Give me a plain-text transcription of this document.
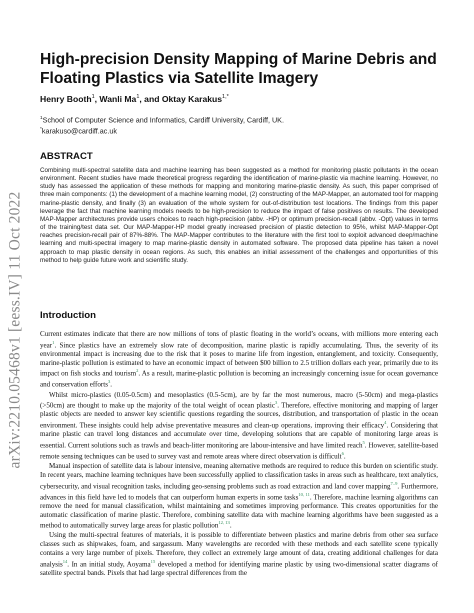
arXiv:2210.05468v1 [eess.IV] 11 Oct 2022
High-precision Density Mapping of Marine Debris and Floating Plastics via Satellite Imagery
Henry Booth$^1$, Wanli Ma$^1$, and Oktay Karakus$^{1,*}$
$^1$School of Computer Science and Informatics, Cardiff University, Cardiff, UK.
*karakuso@cardiff.ac.uk
ABSTRACT
Combining multi-spectral satellite data and machine learning has been suggested as a method for monitoring plastic pollutants in the ocean environment. Recent studies have made theoretical progress regarding the identification of marine-plastic via machine learning. However, no study has assessed the application of these methods for mapping and monitoring marine-plastic density. As such, this paper comprised of three main components: (1) the development of a machine learning model, (2) constructing of the MAP-Mapper, an automated tool for mapping marine-plastic density, and finally (3) an evaluation of the whole system for out-of-distribution test locations. The findings from this paper leverage the fact that machine learning models needs to be high-precision to reduce the impact of false positives on results. The developed MAP-Mapper architectures provide users choices to reach high-precision (abbv. -HP) or optimum precision-recall (abbv. -Opt) values in terms of the training/test data set. Our MAP-Mapper-HP model greatly increased precision of plastic detection to 95%, whilst MAP-Mapper-Opt reaches precision-recall pair of 87%-88%. The MAP-Mapper contributes to the literature with the first tool to exploit advanced deep/machine learning and multi-spectral imagery to map marine-plastic density in automated software. The proposed data pipeline has taken a novel approach to map plastic density in ocean regions. As such, this enables an initial assessment of the challenges and opportunities of this method to help guide future work and scientific study.
Introduction

Current estimates indicate that there are now millions of tons of plastic floating in the world’s oceans, with millions more entering each year$^1$. Since plastics have an extremely slow rate of decomposition, marine plastic is rapidly accumulating. Thus, the severity of its environmental impact is increasing due to the risk that it poses to marine life from ingestion, entanglement, and toxicity. Consequently, marine-plastic pollution is estimated to have an economic impact of between $00 billion to 2.5 trillion dollars each year, primarily due to its impact on fish stocks and tourism$^2$. As a result, marine-plastic pollution is becoming an increasingly concerning issue for ocean governance and conservation efforts$^3$.

Whilst micro-plastics (0.05-0.5cm) and mesoplastics (0.5-5cm), are by far the most numerous, macro (5-50cm) and mega-plastics (>50cm) are thought to make up the majority of the total weight of ocean plastic$^3$. Therefore, effective monitoring and mapping of larger plastic objects are needed to answer key scientific questions regarding the sources, distribution, and transportation of plastic in the ocean environment. These insights could help advise preventative measures and clean-up operations, improving their efficacy$^4$. Considering that marine plastic can travel long distances and accumulate over time, developing solutions that are capable of monitoring large areas is essential. Current solutions such as trawls and beach-litter monitoring are labour-intensive and have limited reach$^5$. However, satellite-based remote sensing techniques can be used to survey vast and remote areas where direct observation is difficult$^6$.

Manual inspection of satellite data is labour intensive, meaning alternative methods are required to reduce this burden on scientific study. In recent years, machine learning techniques have been successfully applied to classification tasks in areas such as healthcare, text analytics, cybersecurity, and visual recognition tasks, including geo-sensing problems such as road extraction and land cover mapping$^{7-9}$. Furthermore, advances in this field have led to models that can outperform human experts in some tasks$^{10, 11}$. Therefore, machine learning algorithms can remove the need for manual classification, whilst maintaining and sometimes improving performance. This creates opportunities for the automatic classification of marine plastic. Therefore, combining satellite data with machine learning algorithms have been suggested as a method to automatically survey large areas for plastic pollution$^{12, 13}$.

Using the multi-spectral features of materials, it is possible to differentiate between plastics and marine debris from other sea surface classes such as shipwakes, foam, and sargassum. Many wavelengths are recorded with these methods and each satellite scene typically contains a very large number of pixels. Therefore, they collect an extremely large amount of data, creating additional challenges for data analysis$^{14}$. In an initial study, Aoyama$^{15}$ developed a method for identifying marine plastic by using two-dimensional scatter diagrams of satellite spectral bands. Pixels that had large spectral differences from the
